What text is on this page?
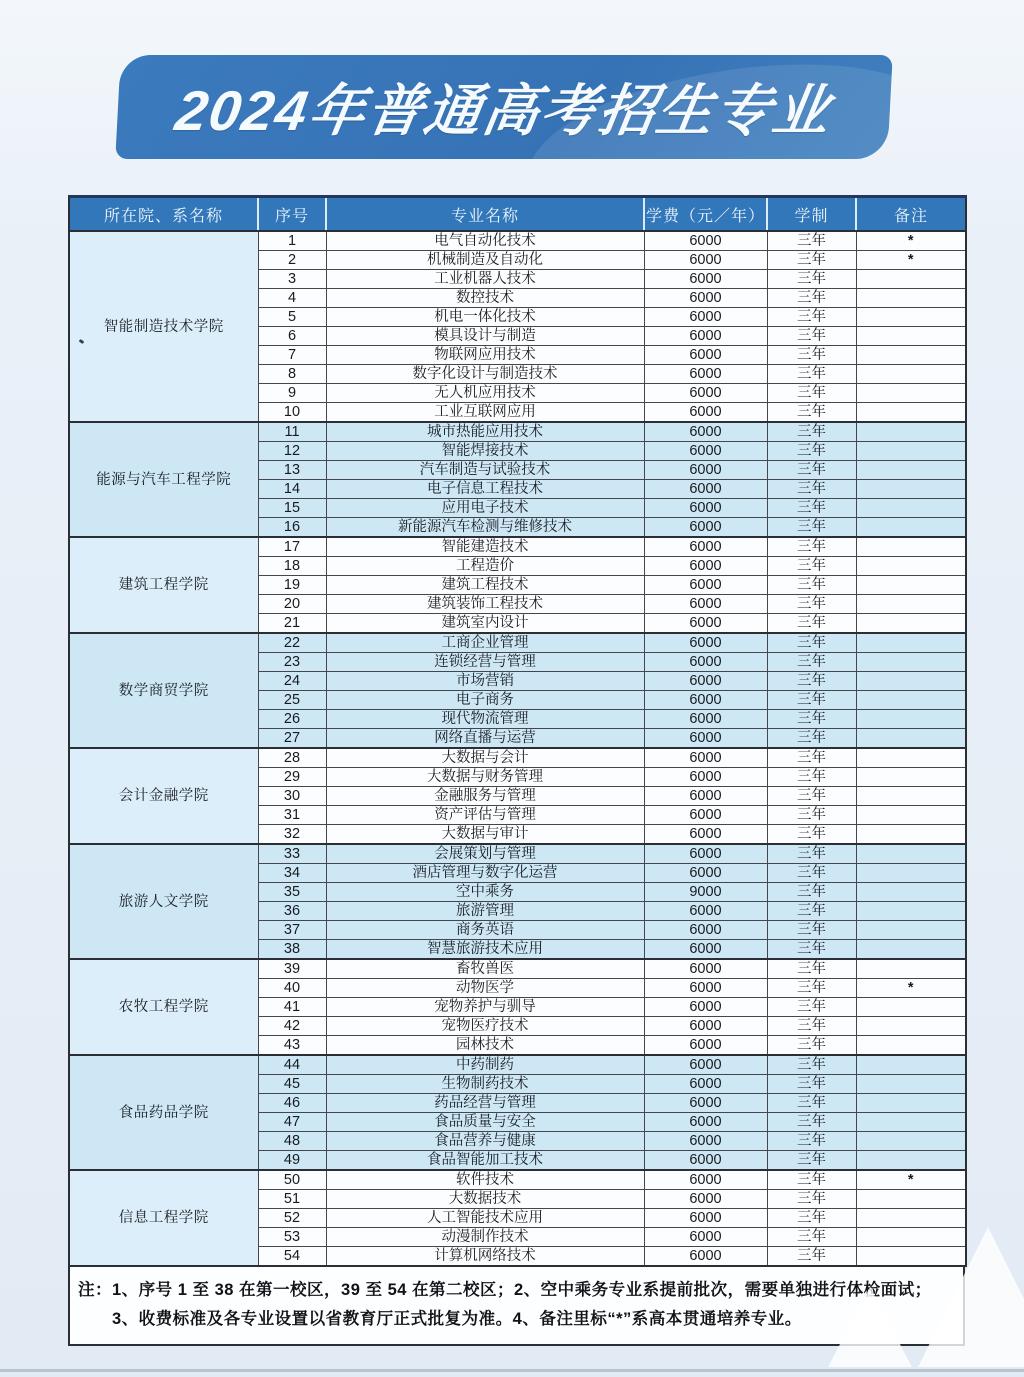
2024年普通高考招生专业
所在院、系名称	序号	专业名称	学费（元／年）	学制	备注
智能制造技术学院	1	电气自动化技术	6000	三年	*
	2	机械制造及自动化	6000	三年	*
	3	工业机器人技术	6000	三年	
	4	数控技术	6000	三年	
	5	机电一体化技术	6000	三年	
	6	模具设计与制造	6000	三年	
	7	物联网应用技术	6000	三年	
	8	数字化设计与制造技术	6000	三年	
	9	无人机应用技术	6000	三年	
	10	工业互联网应用	6000	三年	
能源与汽车工程学院	11	城市热能应用技术	6000	三年	
	12	智能焊接技术	6000	三年	
	13	汽车制造与试验技术	6000	三年	
	14	电子信息工程技术	6000	三年	
	15	应用电子技术	6000	三年	
	16	新能源汽车检测与维修技术	6000	三年	
建筑工程学院	17	智能建造技术	6000	三年	
	18	工程造价	6000	三年	
	19	建筑工程技术	6000	三年	
	20	建筑装饰工程技术	6000	三年	
	21	建筑室内设计	6000	三年	
数学商贸学院	22	工商企业管理	6000	三年	
	23	连锁经营与管理	6000	三年	
	24	市场营销	6000	三年	
	25	电子商务	6000	三年	
	26	现代物流管理	6000	三年	
	27	网络直播与运营	6000	三年	
会计金融学院	28	大数据与会计	6000	三年	
	29	大数据与财务管理	6000	三年	
	30	金融服务与管理	6000	三年	
	31	资产评估与管理	6000	三年	
	32	大数据与审计	6000	三年	
旅游人文学院	33	会展策划与管理	6000	三年	
	34	酒店管理与数字化运营	6000	三年	
	35	空中乘务	9000	三年	
	36	旅游管理	6000	三年	
	37	商务英语	6000	三年	
	38	智慧旅游技术应用	6000	三年	
农牧工程学院	39	畜牧兽医	6000	三年	
	40	动物医学	6000	三年	*
	41	宠物养护与驯导	6000	三年	
	42	宠物医疗技术	6000	三年	
	43	园林技术	6000	三年	
食品药品学院	44	中药制药	6000	三年	
	45	生物制药技术	6000	三年	
	46	药品经营与管理	6000	三年	
	47	食品质量与安全	6000	三年	
	48	食品营养与健康	6000	三年	
	49	食品智能加工技术	6000	三年	
信息工程学院	50	软件技术	6000	三年	*
	51	大数据技术	6000	三年	
	52	人工智能技术应用	6000	三年	
	53	动漫制作技术	6000	三年	
	54	计算机网络技术	6000	三年	
注：1、序号 1 至 38 在第一校区，39 至 54 在第二校区；2、空中乘务专业系提前批次，需要单独进行体检面试；
3、收费标准及各专业设置以省教育厅正式批复为准。4、备注里标“*”系高本贯通培养专业。
